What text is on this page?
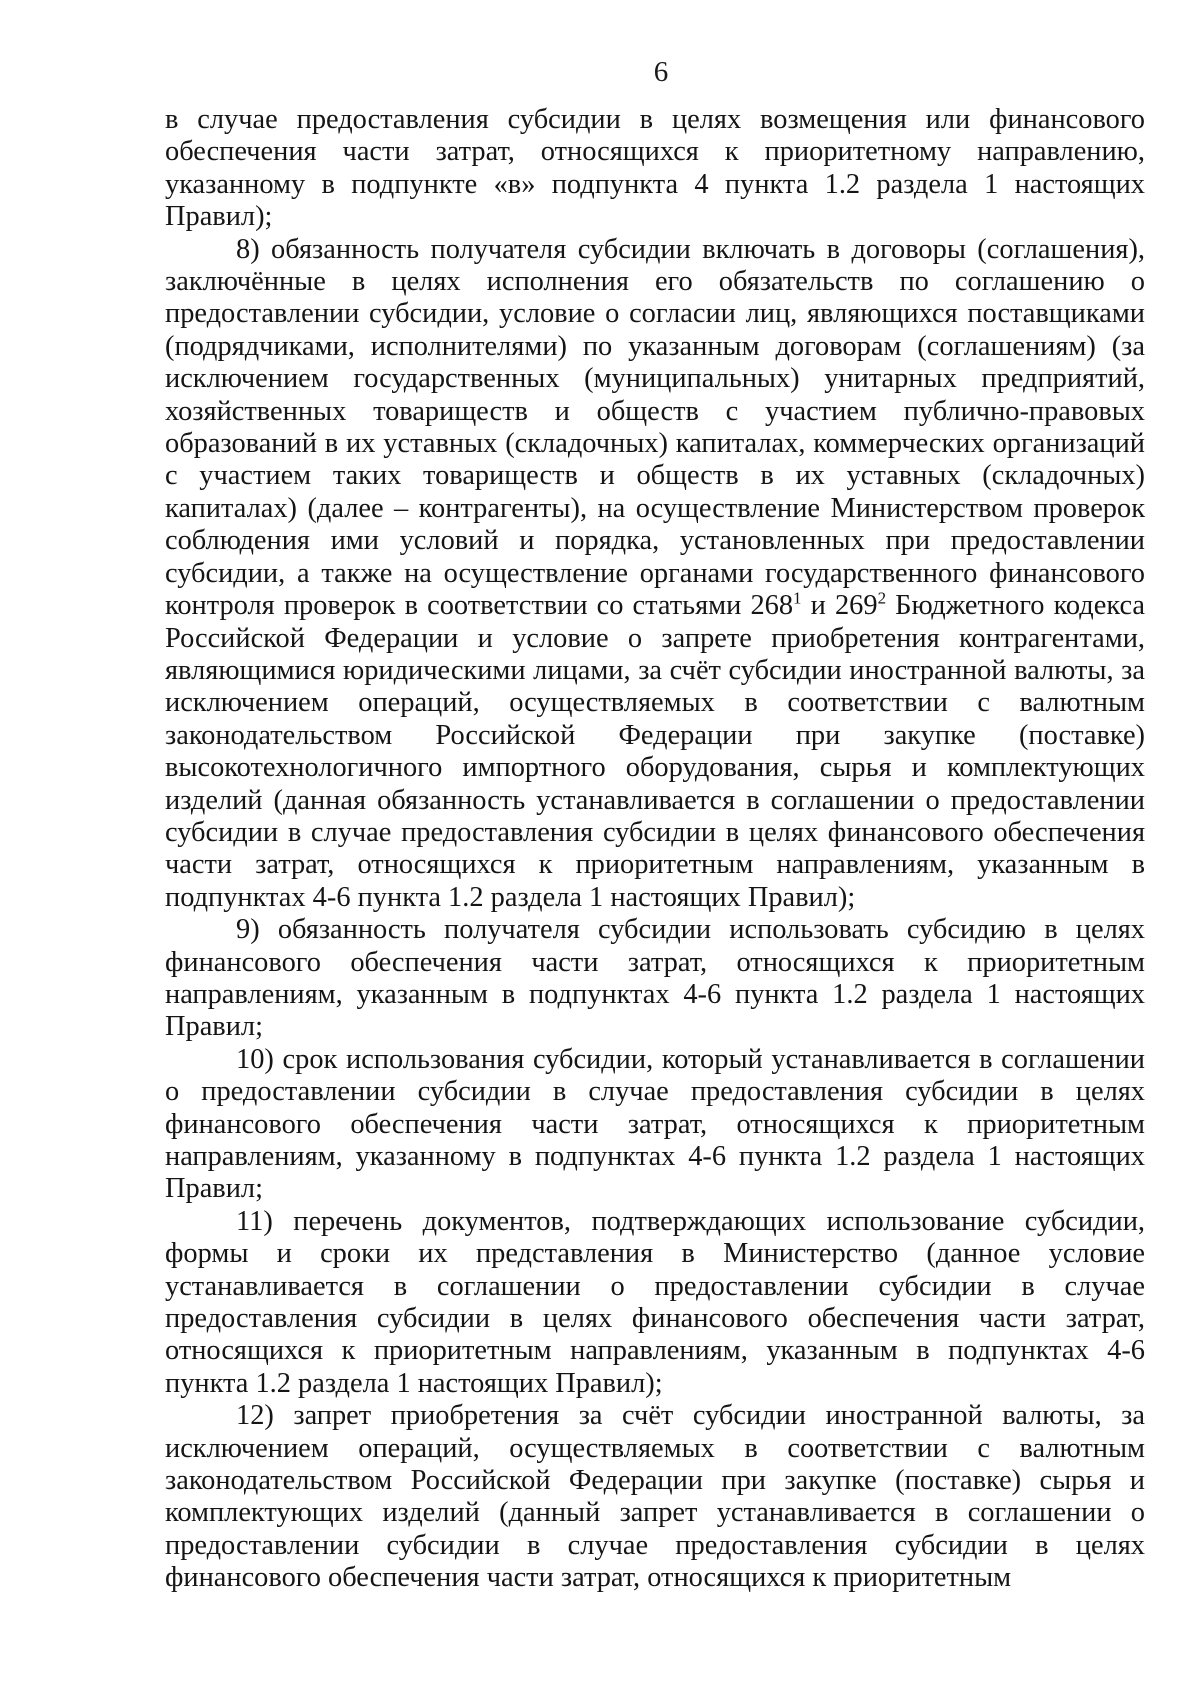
6

в случае предоставления субсидии в целях возмещения или финансового обеспечения части затрат, относящихся к приоритетному направлению, указанному в подпункте «в» подпункта 4 пункта 1.2 раздела 1 настоящих Правил);

8) обязанность получателя субсидии включать в договоры (соглашения), заключённые в целях исполнения его обязательств по соглашению о предоставлении субсидии, условие о согласии лиц, являющихся поставщиками (подрядчиками, исполнителями) по указанным договорам (соглашениям) (за исключением государственных (муниципальных) унитарных предприятий, хозяйственных товариществ и обществ с участием публично-правовых образований в их уставных (складочных) капиталах, коммерческих организаций с участием таких товариществ и обществ в их уставных (складочных) капиталах) (далее – контрагенты), на осуществление Министерством проверок соблюдения ими условий и порядка, установленных при предоставлении субсидии, а также на осуществление органами государственного финансового контроля проверок в соответствии со статьями $268^1$ и $269^2$ Бюджетного кодекса Российской Федерации и условие о запрете приобретения контрагентами, являющимися юридическими лицами, за счёт субсидии иностранной валюты, за исключением операций, осуществляемых в соответствии с валютным законодательством Российской Федерации при закупке (поставке) высокотехнологичного импортного оборудования, сырья и комплектующих изделий (данная обязанность устанавливается в соглашении о предоставлении субсидии в случае предоставления субсидии в целях финансового обеспечения части затрат, относящихся к приоритетным направлениям, указанным в подпунктах 4-6 пункта 1.2 раздела 1 настоящих Правил);

9) обязанность получателя субсидии использовать субсидию в целях финансового обеспечения части затрат, относящихся к приоритетным направлениям, указанным в подпунктах 4-6 пункта 1.2 раздела 1 настоящих Правил;

10) срок использования субсидии, который устанавливается в соглашении о предоставлении субсидии в случае предоставления субсидии в целях финансового обеспечения части затрат, относящихся к приоритетным направлениям, указанному в подпунктах 4-6 пункта 1.2 раздела 1 настоящих Правил;

11) перечень документов, подтверждающих использование субсидии, формы и сроки их представления в Министерство (данное условие устанавливается в соглашении о предоставлении субсидии в случае предоставления субсидии в целях финансового обеспечения части затрат, относящихся к приоритетным направлениям, указанным в подпунктах 4-6 пункта 1.2 раздела 1 настоящих Правил);

12) запрет приобретения за счёт субсидии иностранной валюты, за исключением операций, осуществляемых в соответствии с валютным законодательством Российской Федерации при закупке (поставке) сырья и комплектующих изделий (данный запрет устанавливается в соглашении о предоставлении субсидии в случае предоставления субсидии в целях финансового обеспечения части затрат, относящихся к приоритетным
